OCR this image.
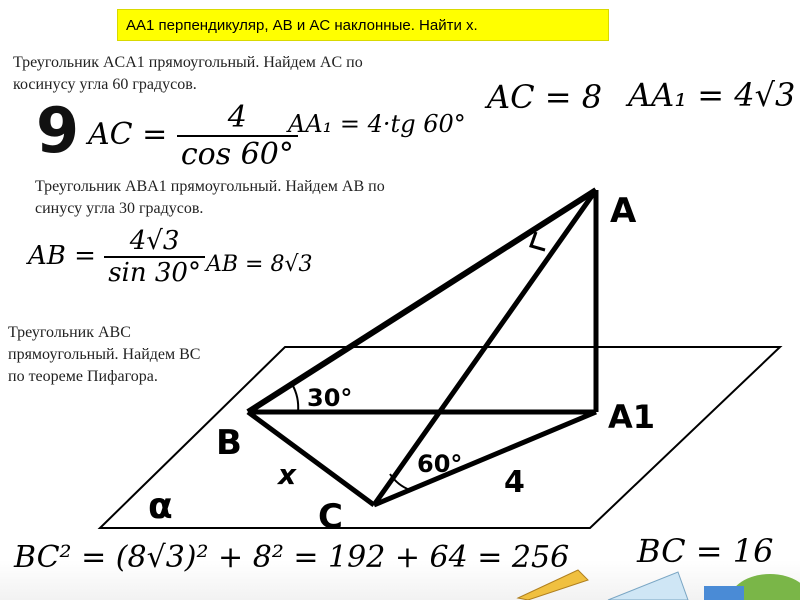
AA1 перпендикуляр, AB и AC наклонные. Найти x.
Треугольник ACA1 прямоугольный. Найдем AC по
косинусу угла 60 градусов.
9 AC = $\frac{4}{\cos 60^\circ}$
AA₁ = 4·tg 60°
AC = 8 AA₁ = 4√3
Треугольник ABA1 прямоугольный. Найдем AB по
синусу угла 30 градусов.
AB = $\frac{4√3}{\sin 30^\circ}$ AB = 8√3
Треугольник ABC
прямоугольный. Найдем BC
по теореме Пифагора.
A
A1
B
C
α
30°
60°
x	4
BC² = (8√3)² + 8² = 192 + 64 = 256 BC = 16
